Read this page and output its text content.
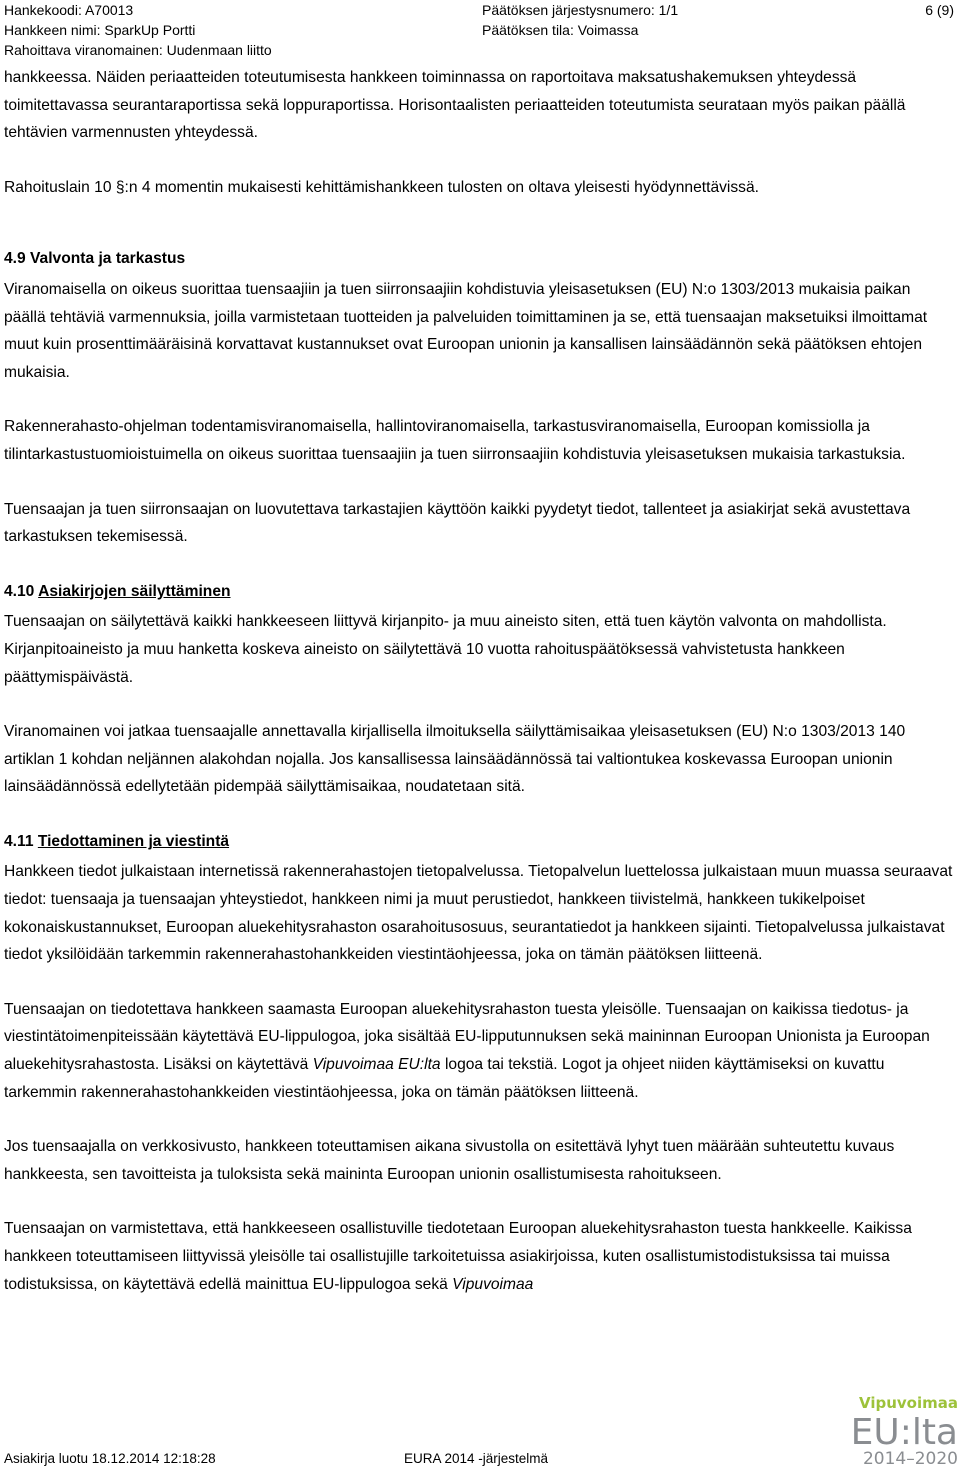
Hankekoodi: A70013
Hankkeen nimi: SparkUp Portti
Rahoittava viranomainen: Uudenmaan liitto
Päätöksen järjestysnumero: 1/1
Päätöksen tila: Voimassa
6 (9)

hankkeessa. Näiden periaatteiden toteutumisesta hankkeen toiminnassa on raportoitava maksatushakemuksen yhteydessä toimitettavassa seurantaraportissa sekä loppuraportissa. Horisontaalisten periaatteiden toteutumista seurataan myös paikan päällä tehtävien varmennusten yhteydessä.

Rahoituslain 10 §:n 4 momentin mukaisesti kehittämishankkeen tulosten on oltava yleisesti hyödynnettävissä.

4.9 Valvonta ja tarkastus

Viranomaisella on oikeus suorittaa tuensaajiin ja tuen siirronsaajiin kohdistuvia yleisasetuksen (EU) N:o 1303/2013 mukaisia paikan päällä tehtäviä varmennuksia, joilla varmistetaan tuotteiden ja palveluiden toimittaminen ja se, että tuensaajan maksetuiksi ilmoittamat muut kuin prosenttimääräisinä korvattavat kustannukset ovat Euroopan unionin ja kansallisen lainsäädännön sekä päätöksen ehtojen mukaisia.

Rakennerahasto-ohjelman todentamisviranomaisella, hallintoviranomaisella, tarkastusviranomaisella, Euroopan komissiolla ja tilintarkastustuomioistuimella on oikeus suorittaa tuensaajiin ja tuen siirronsaajiin kohdistuvia yleisasetuksen mukaisia tarkastuksia.

Tuensaajan ja tuen siirronsaajan on luovutettava tarkastajien käyttöön kaikki pyydetyt tiedot, tallenteet ja asiakirjat sekä avustettava tarkastuksen tekemisessä.

4.10 Asiakirjojen säilyttäminen

Tuensaajan on säilytettävä kaikki hankkeeseen liittyvä kirjanpito- ja muu aineisto siten, että tuen käytön valvonta on mahdollista. Kirjanpitoaineisto ja muu hanketta koskeva aineisto on säilytettävä 10 vuotta rahoituspäätöksessä vahvistetusta hankkeen päättymispäivästä.

Viranomainen voi jatkaa tuensaajalle annettavalla kirjallisella ilmoituksella säilyttämisaikaa yleisasetuksen (EU) N:o 1303/2013 140 artiklan 1 kohdan neljännen alakohdan nojalla. Jos kansallisessa lainsäädännössä tai valtiontukea koskevassa Euroopan unionin lainsäädännössä edellytetään pidempää säilyttämisaikaa, noudatetaan sitä.

4.11 Tiedottaminen ja viestintä

Hankkeen tiedot julkaistaan internetissä rakennerahastojen tietopalvelussa. Tietopalvelun luettelossa julkaistaan muun muassa seuraavat tiedot: tuensaaja ja tuensaajan yhteystiedot, hankkeen nimi ja muut perustiedot, hankkeen tiivistelmä, hankkeen tukikelpoiset kokonaiskustannukset, Euroopan aluekehitysrahaston osarahoitusosuus, seurantatiedot ja hankkeen sijainti. Tietopalvelussa julkaistavat tiedot yksilöidään tarkemmin rakennerahastohankkeiden viestintäohjeessa, joka on tämän päätöksen liitteenä.

Tuensaajan on tiedotettava hankkeen saamasta Euroopan aluekehitysrahaston tuesta yleisölle. Tuensaajan on kaikissa tiedotus- ja viestintätoimenpiteissään käytettävä EU-lippulogoa, joka sisältää EU-lipputunnuksen sekä maininnan Euroopan Unionista ja Euroopan aluekehitysrahastosta. Lisäksi on käytettävä Vipuvoimaa EU:lta logoa tai tekstiä. Logot ja ohjeet niiden käyttämiseksi on kuvattu tarkemmin rakennerahastohankkeiden viestintäohjeessa, joka on tämän päätöksen liitteenä.

Jos tuensaajalla on verkkosivusto, hankkeen toteuttamisen aikana sivustolla on esitettävä lyhyt tuen määrään suhteutettu kuvaus hankkeesta, sen tavoitteista ja tuloksista sekä maininta Euroopan unionin osallistumisesta rahoitukseen.

Tuensaajan on varmistettava, että hankkeeseen osallistuville tiedotetaan Euroopan aluekehitysrahaston tuesta hankkeelle. Kaikissa hankkeen toteuttamiseen liittyvissä yleisölle tai osallistujille tarkoitetuissa asiakirjoissa, kuten osallistumistodistuksissa tai muissa todistuksissa, on käytettävä edellä mainittua EU-lippulogoa sekä Vipuvoimaa

Vipuvoimaa
EU:lta
2014–2020
Asiakirja luotu 18.12.2014 12:18:28	EURA 2014 -järjestelmä
